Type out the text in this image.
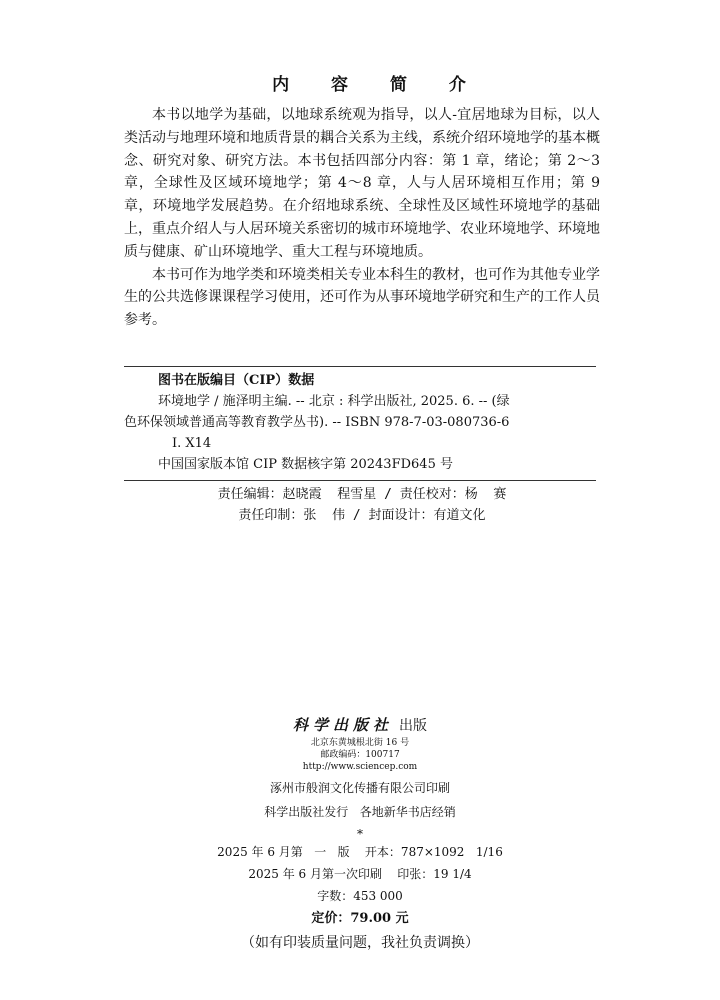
内 容 简 介

本书以地学为基础，以地球系统观为指导，以人-宜居地球为目标，以人类活动与地理环境和地质背景的耦合关系为主线，系统介绍环境地学的基本概念、研究对象、研究方法。本书包括四部分内容：第 1 章，绪论；第 2～3 章，全球性及区域环境地学；第 4～8 章，人与人居环境相互作用；第 9 章，环境地学发展趋势。在介绍地球系统、全球性及区域性环境地学的基础上，重点介绍人与人居环境关系密切的城市环境地学、农业环境地学、环境地质与健康、矿山环境地学、重大工程与环境地质。

本书可作为地学类和环境类相关专业本科生的教材，也可作为其他专业学生的公共选修课课程学习使用，还可作为从事环境地学研究和生产的工作人员参考。

图书在版编目（CIP）数据
环境地学 / 施泽明主编. -- 北京 : 科学出版社, 2025. 6. -- (绿
色环保领域普通高等教育教学丛书). -- ISBN 978-7-03-080736-6
Ⅰ. X14
中国国家版本馆 CIP 数据核字第 20243FD645 号
责任编辑：赵晓霞  程雪星 / 责任校对：杨  赛
责任印制：张  伟 / 封面设计：有道文化
科学出版社 出版
北京东黄城根北街 16 号
邮政编码：100717
http://www.sciencep.com
涿州市般润文化传播有限公司印刷
科学出版社发行   各地新华书店经销
*
2025 年 6 月第   一   版    开本：787×1092   1/16
2025 年 6 月第一次印刷    印张：19 1/4
字数：453 000
定价：79.00 元
（如有印装质量问题，我社负责调换）
